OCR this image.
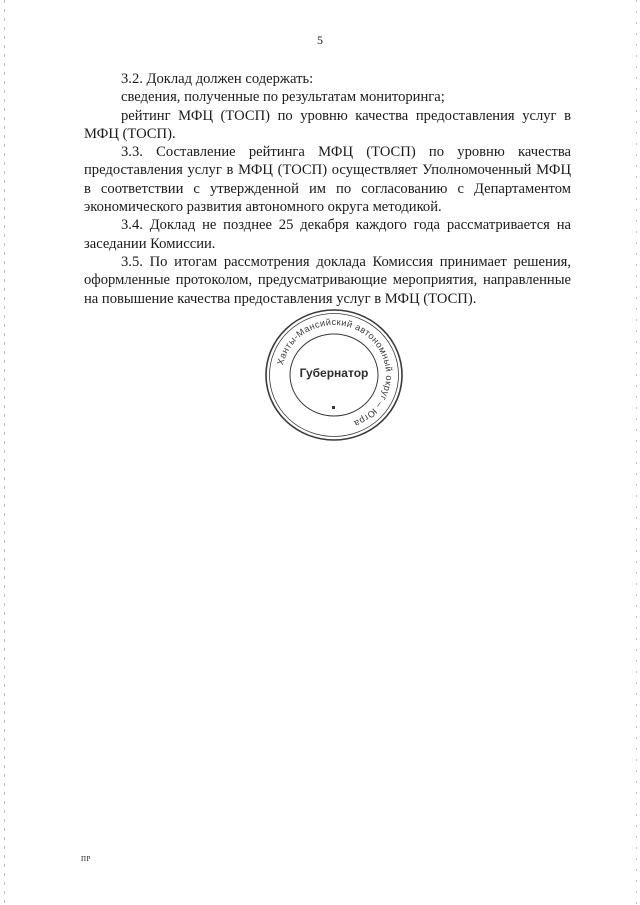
5

3.2. Доклад должен содержать:

сведения, полученные по результатам мониторинга;

рейтинг МФЦ (ТОСП) по уровню качества предоставления услуг в МФЦ (ТОСП).

3.3. Составление рейтинга МФЦ (ТОСП) по уровню качества предоставления услуг в МФЦ (ТОСП) осуществляет Уполномоченный МФЦ в соответствии с утвержденной им по согласованию с Департаментом экономического развития автономного округа методикой.

3.4. Доклад не позднее 25 декабря каждого года рассматривается на заседании Комиссии.

3.5. По итогам рассмотрения доклада Комиссия принимает решения, оформленные протоколом, предусматривающие мероприятия, направленные на повышение качества предоставления услуг в МФЦ (ТОСП).

Ханты-Мансийский автономный округ – Югра
Губернатор
ПР
